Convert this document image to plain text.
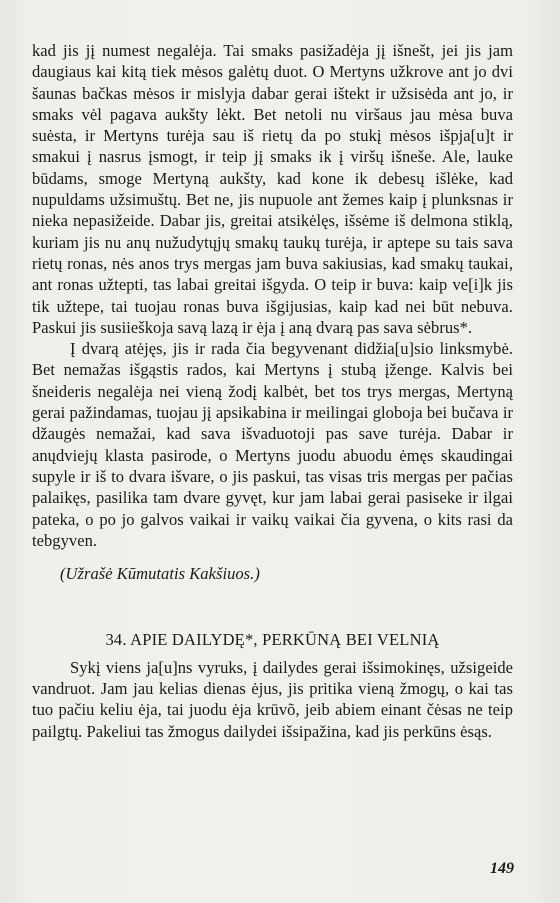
kad jis jį numest negalėja. Tai smaks pasižadėja jį išnešt, jei jis jam daugiaus kai kitą tiek mėsos galėtų duot. O Mertyns užkrove ant jo dvi šaunas bačkas mėsos ir mislyja dabar gerai ištekt ir užsisėda ant jo, ir smaks vėl pagava aukšty lėkt. Bet netoli nu viršaus jau mėsa buva suėsta, ir Mertyns turėja sau iš rietų da po stukį mėsos išpja[u]t ir smakui į nasrus įsmogt, ir teip jį smaks ik į viršų išneše. Ale, lauke būdams, smoge Mertyną aukšty, kad kone ik debesų išlėke, kad nupuldams užsimuštų. Bet ne, jis nupuole ant žemes kaip į plunksnas ir nieka nepasižeide. Dabar jis, greitai atsikėlęs, išsėme iš delmona stiklą, kuriam jis nu anų nužudytųjų smakų taukų turėja, ir aptepe su tais sava rietų ronas, nės anos trys mergas jam buva sakiusias, kad smakų taukai, ant ronas užtepti, tas labai greitai išgyda. O teip ir buva: kaip ve[i]k jis tik užtepe, tai tuojau ronas buva išgijusias, kaip kad nei būt nebuva. Paskui jis susiieškoja savą lazą ir ėja į aną dvarą pas sava sėbrus*.

Į dvarą atėjęs, jis ir rada čia begyvenant didžia[u]sio linksmybė. Bet nemažas išgąstis rados, kai Mertyns į stubą įženge. Kalvis bei šneideris negalėja nei vieną žodį kalbėt, bet tos trys mergas, Mertyną gerai pažindamas, tuojau jį apsikabina ir meilingai globoja bei bučava ir džaugės nemažai, kad sava išvaduotoji pas save turėja. Dabar ir anųdviejų klasta pasirode, o Mertyns juodu abuodu ėmęs skaudingai supyle ir iš to dvara išvare, o jis paskui, tas visas tris mergas per pačias palaikęs, pasilika tam dvare gyvęt, kur jam labai gerai pasiseke ir ilgai pateka, o po jo galvos vaikai ir vaikų vaikai čia gyvena, o kits rasi da tebgyven.

(Užrašė Kūmutatis Kakšiuos.)

34. APIE DAILYDĘ*, PERKŪNĄ BEI VELNIĄ

Sykį viens ja[u]ns vyruks, į dailydes gerai išsimokinęs, užsigeide vandruot. Jam jau kelias dienas ėjus, jis pritika vieną žmogų, o kai tas tuo pačiu keliu ėja, tai juodu ėja krūvõ, jeib abiem einant čėsas ne teip pailgtų. Pakeliui tas žmogus dailydei išsipažina, kad jis perkūns ėsąs.

149
